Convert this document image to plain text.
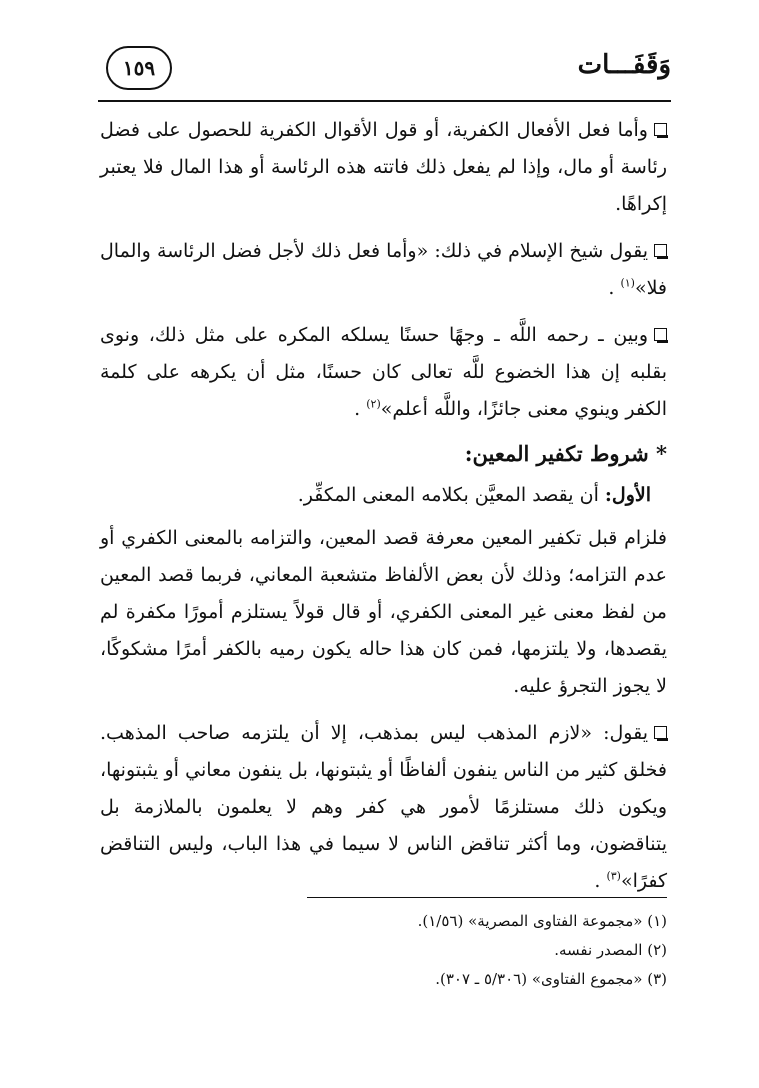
وَقَفَـــات
١٥٩

وأما فعل الأفعال الكفرية، أو قول الأقوال الكفرية للحصول على فضل رئاسة أو مال، وإذا لم يفعل ذلك فاتته هذه الرئاسة أو هذا المال فلا يعتبر إكراهًا.

يقول شيخ الإسلام في ذلك: «وأما فعل ذلك لأجل فضل الرئاسة والمال فلا»$^{(١)}$ .

وبين ـ رحمه اللَّه ـ وجهًا حسنًا يسلكه المكره على مثل ذلك، ونوى بقلبه إن هذا الخضوع للَّه تعالى كان حسنًا، مثل أن يكرهه على كلمة الكفر وينوي معنى جائزًا، واللَّه أعلم»$^{(٢)}$ .

* شروط تكفير المعين:
الأول: أن يقصد المعيَّن بكلامه المعنى المكفِّر.

فلزام قبل تكفير المعين معرفة قصد المعين، والتزامه بالمعنى الكفري أو عدم التزامه؛ وذلك لأن بعض الألفاظ متشعبة المعاني، فربما قصد المعين من لفظ معنى غير المعنى الكفري، أو قال قولاً يستلزم أمورًا مكفرة لم يقصدها، ولا يلتزمها، فمن كان هذا حاله يكون رميه بالكفر أمرًا مشكوكًا، لا يجوز التجرؤ عليه.

يقول: «لازم المذهب ليس بمذهب، إلا أن يلتزمه صاحب المذهب. فخلق كثير من الناس ينفون ألفاظًا أو يثبتونها، بل ينفون معاني أو يثبتونها، ويكون ذلك مستلزمًا لأمور هي كفر وهم لا يعلمون بالملازمة بل يتناقضون، وما أكثر تناقض الناس لا سيما في هذا الباب، وليس التناقض كفرًا»$^{(٣)}$ .

(١) «مجموعة الفتاوى المصرية» (١/٥٦).

(٢) المصدر نفسه.

(٣) «مجموع الفتاوى» (٥/٣٠٦ ـ ٣٠٧).
